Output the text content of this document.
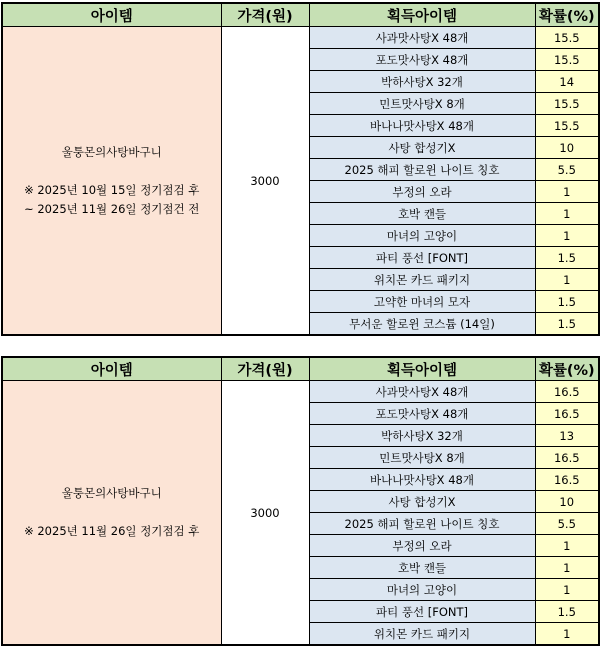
아이템	가격(원)	획득아이템	확률(%)

울퉁몬의사탕바구니

※ 2025년 10월 15일 정기점검 후
~ 2025년 11월 26일 정기점건 전	3000	사과맛사탕X 48개	15.5
		포도맛사탕X 48개	15.5
		박하사탕X 32개	14
		민트맛사탕X 8개	15.5
		바나나맛사탕X 48개	15.5
		사탕 합성기X	10
		2025 해피 할로윈 나이트 칭호	5.5
		부정의 오라	1
		호박 캔들	1
		마녀의 고양이	1
		파티 풍선 [FONT]	1.5
		위치몬 카드 패키지	1
		고약한 마녀의 모자	1.5
		무서운 할로윈 코스튬 (14일)	1.5
아이템	가격(원)	획득아이템	확률(%)

울퉁몬의사탕바구니

※ 2025년 11월 26일 정기점검 후	3000	사과맛사탕X 48개	16.5
		포도맛사탕X 48개	16.5
		박하사탕X 32개	13
		민트맛사탕X 8개	16.5
		바나나맛사탕X 48개	16.5
		사탕 합성기X	10
		2025 해피 할로윈 나이트 칭호	5.5
		부정의 오라	1
		호박 캔들	1
		마녀의 고양이	1
		파티 풍선 [FONT]	1.5
		위치몬 카드 패키지	1
